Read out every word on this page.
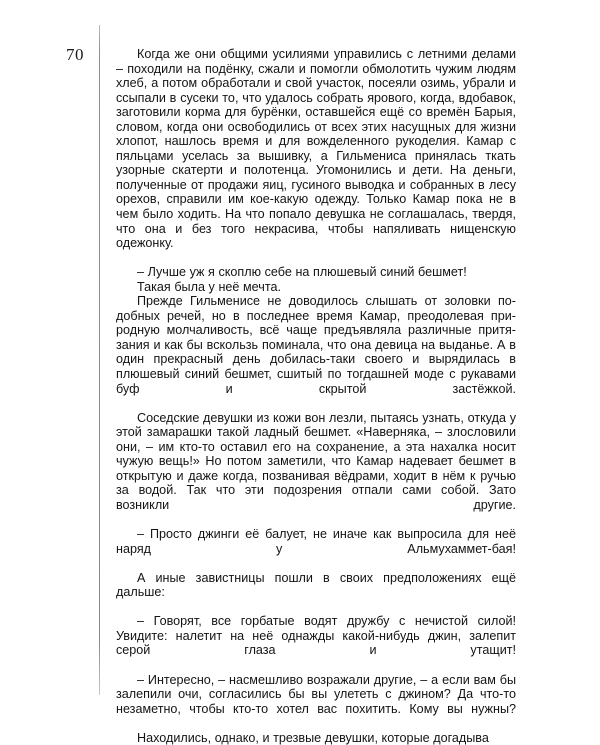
70	Когда же они общими усилиями управились с летними делами – походили на подёнку, сжали и помогли обмолотить чужим людям хлеб, а потом обработали и свой участок, посеяли озимь, убрали и ссыпали в сусеки то, что удалось собрать ярового, когда, вдобавок, заготовили корма для бурёнки, оставшейся ещё со времён Барыя, словом, когда они освободились от всех этих насущных для жизни хлопот, нашлось время и для вожделенного рукоделия. Камар с пяльцами уселась за вышивку, а Гильмениса принялась ткать узорные скатерти и полотенца. Угомонились и дети. На деньги, полученные от продажи яиц, гусиного выводка и собранных в лесу орехов, справили им кое-какую одежду. Только Камар пока не в чем было ходить. На что попало девушка не соглашалась, твердя, что она и без того некрасива, чтобы напяливать нищенскую одежонку.

– Лучше уж я скоплю себе на плюшевый синий бешмет!

Такая была у неё мечта.

Прежде Гильменисе не доводилось слышать от золовки подобных речей, но в последнее время Камар, преодолевая природную молчаливость, всё чаще предъявляла различные притязания и как бы вскользь поминала, что она девица на выданье. А в один прекрасный день добилась-таки своего и вырядилась в плюшевый синий бешмет, сшитый по тогдашней моде с рукавами буф и скрытой застёжкой.

Соседские девушки из кожи вон лезли, пытаясь узнать, откуда у этой замарашки такой ладный бешмет. «Наверняка, – злословили они, – им кто-то оставил его на сохранение, а эта нахалка носит чужую вещь!» Но потом заметили, что Камар надевает бешмет в открытую и даже когда, позванивая вёдрами, ходит в нём к ручью за водой. Так что эти подозрения отпали сами собой. Зато возникли другие.

– Просто джинги её балует, не иначе как выпросила для неё наряд у Альмухаммет-бая!

А иные завистницы пошли в своих предположениях ещё дальше:

– Говорят, все горбатые водят дружбу с нечистой силой! Увидите: налетит на неё однажды какой-нибудь джин, залепит серой глаза и утащит!

– Интересно, – насмешливо возражали другие, – а если вам бы залепили очи, согласились бы вы улететь с джином? Да что-то незаметно, чтобы кто-то хотел вас похитить. Кому вы нужны?

Находились, однако, и трезвые девушки, которые догадыва
